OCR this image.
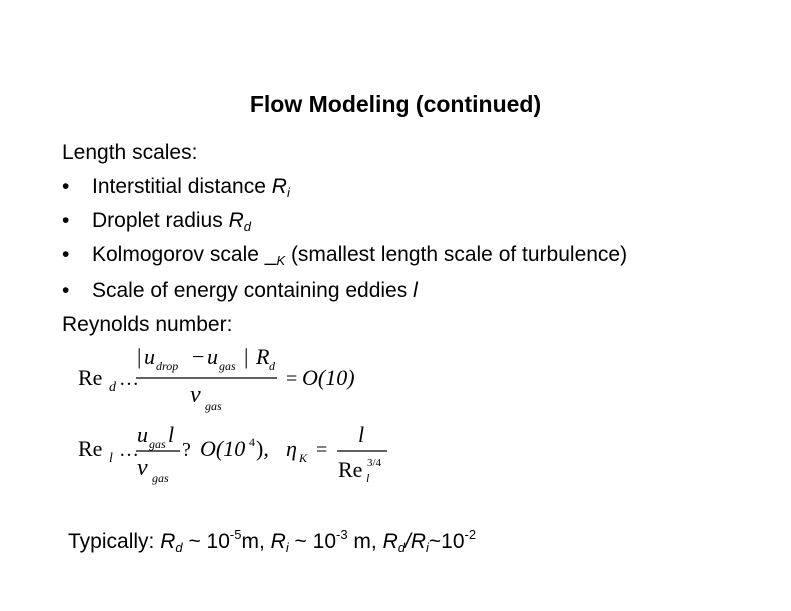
Flow Modeling (continued)
Length scales:
• Interstitial distance $R_i$
• Droplet radius $R_d$
• Kolmogorov scale $\__K$ (smallest length scale of turbulence)
• Scale of energy containing eddies l
Reynolds number:
Re d …
| u drop − u gas | R d
ν gas
= O(10)
Re l …
u gas l
ν gas
? O(10 4 ), η K =
l
Re l
3/4
Typically: $R_d$ ~ $10^{-5}m$, $R_i$ ~ $10^{-3}$ m, $R_d/R_i\sim 10^{-2}$
